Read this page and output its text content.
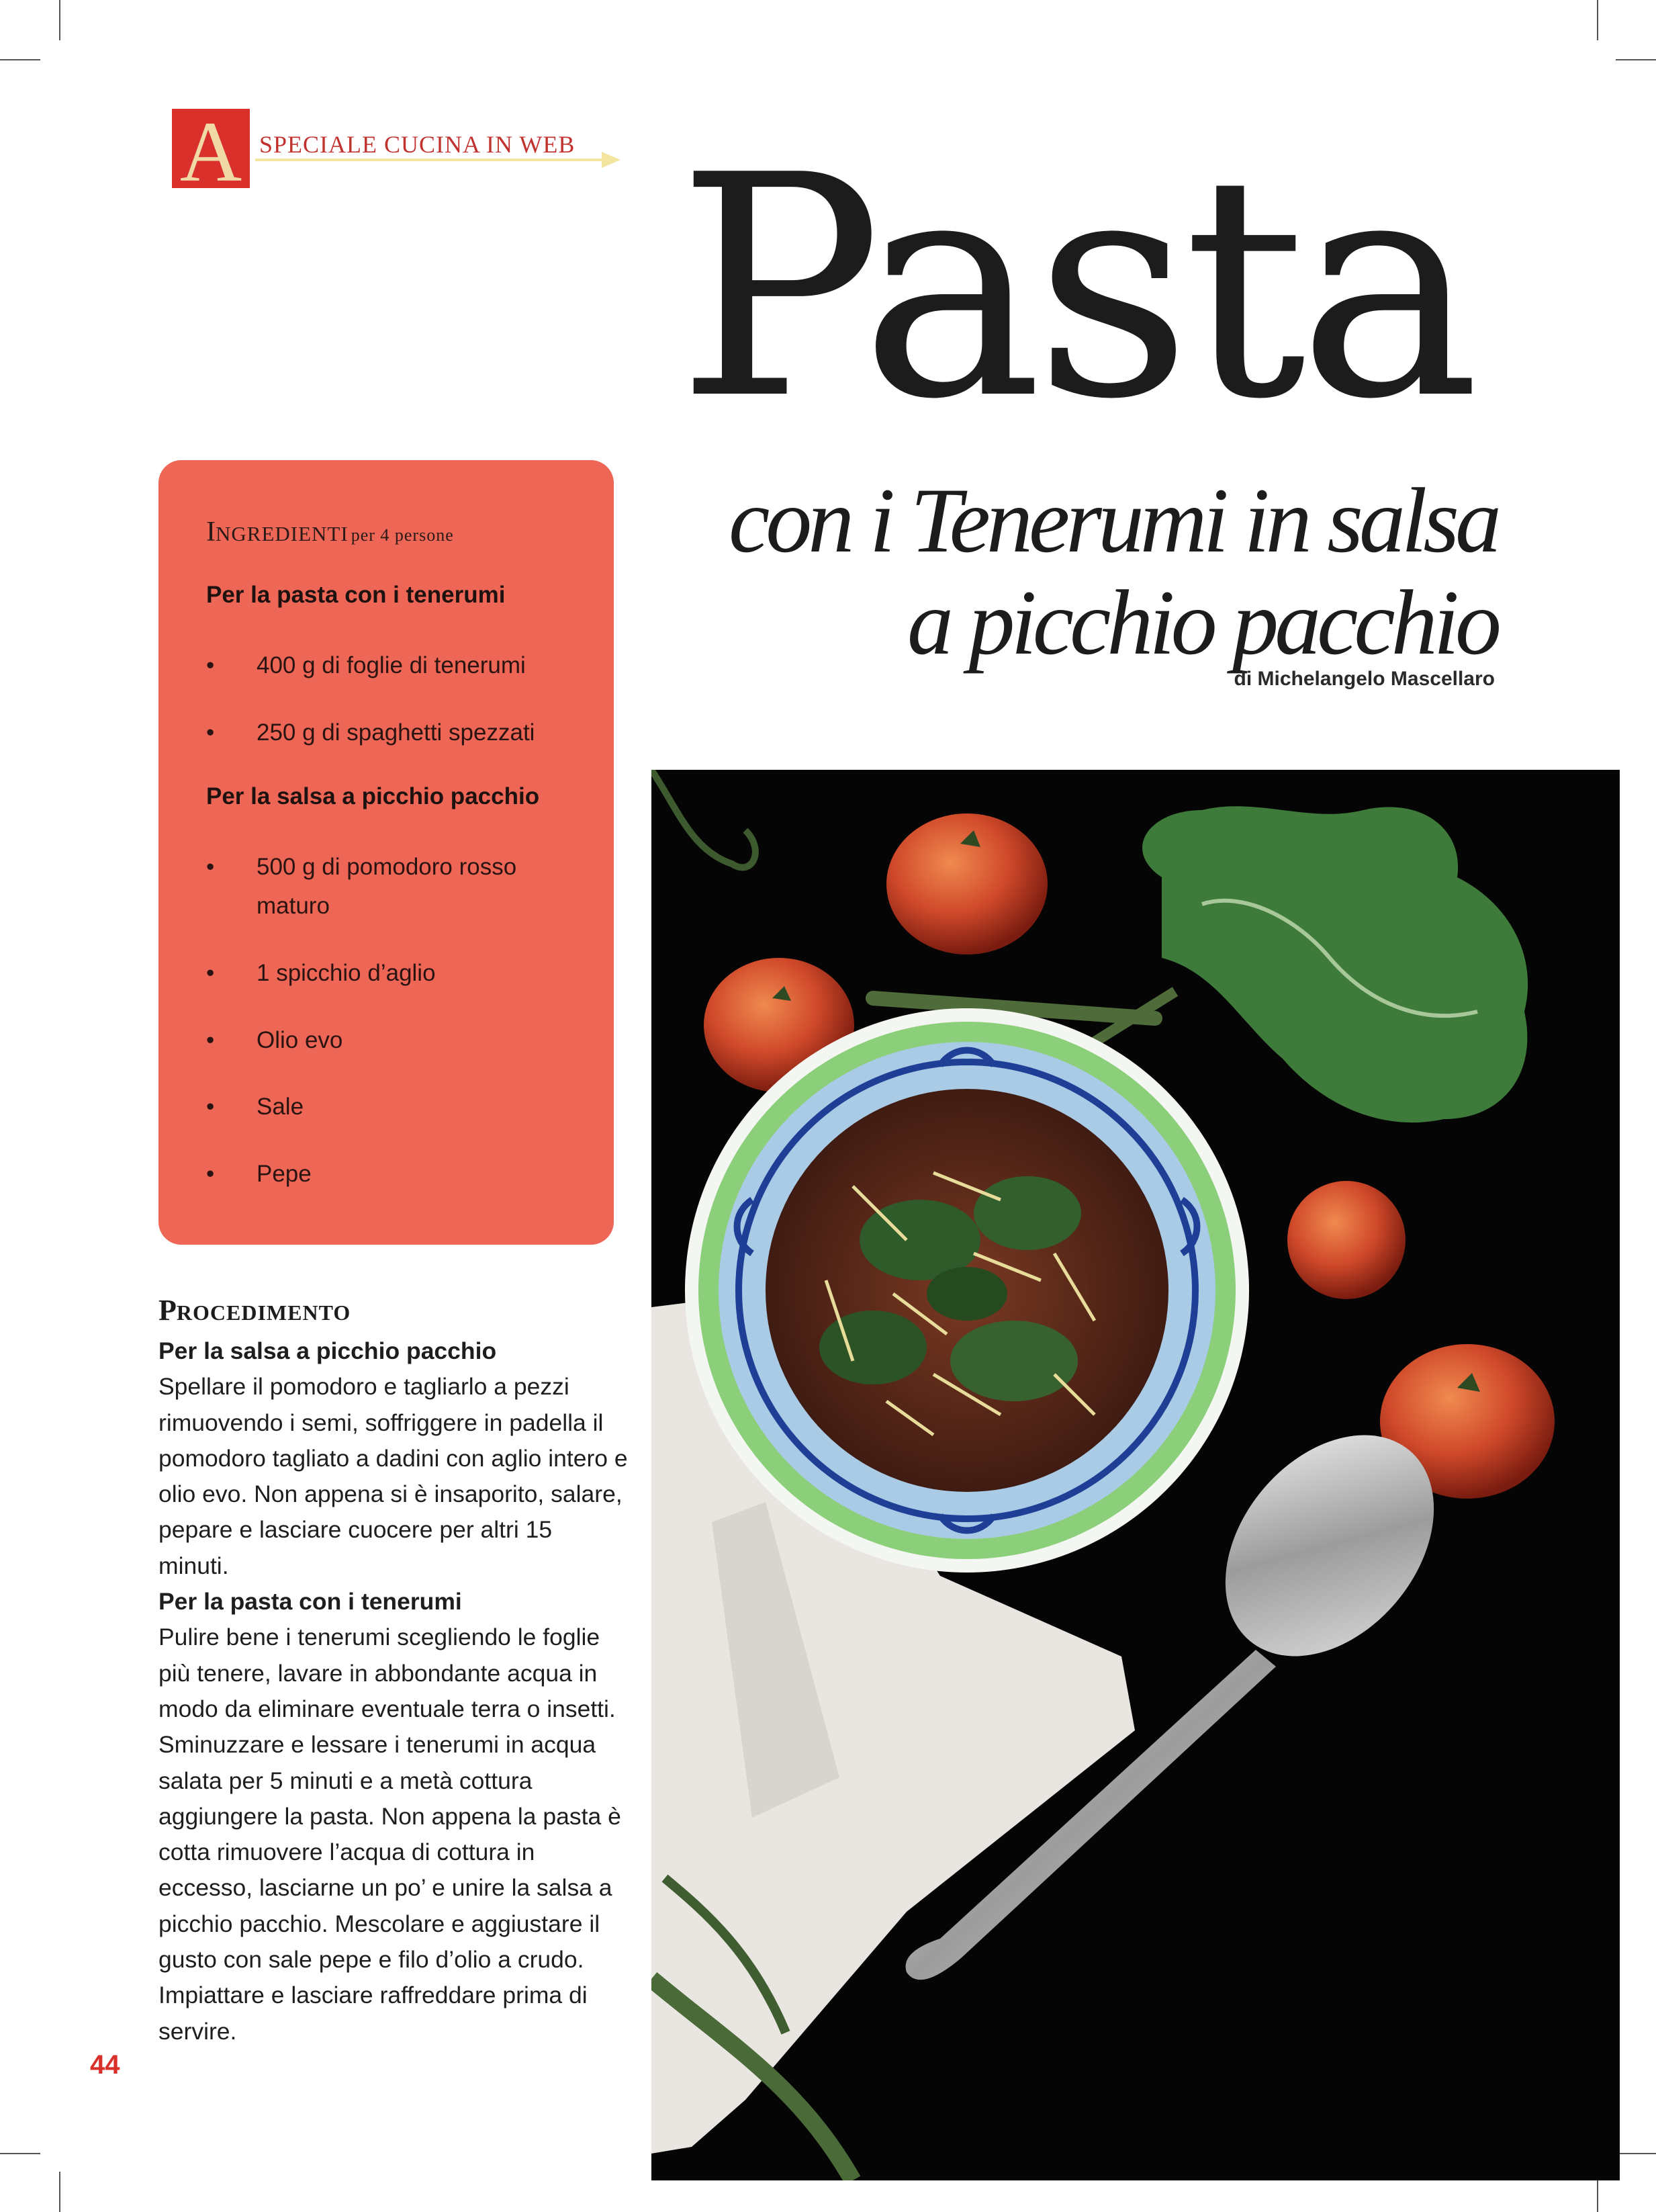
A SPECIALE CUCINA IN WEB Pasta
con i Tenerumi in salsa
a picchio pacchio
di Michelangelo Mascellaro
INGREDIENTI per 4 persone
Per la pasta con i tenerumi
• 400 g di foglie di tenerumi
• 250 g di spaghetti spezzati
Per la salsa a picchio pacchio
• 500 g di pomodoro rosso maturo
• 1 spicchio d’aglio
• Olio evo
• Sale
• Pepe
PROCEDIMENTO
Per la salsa a picchio pacchio
Spellare il pomodoro e tagliarlo a pezzi rimuovendo i semi, soffriggere in padella il pomodoro tagliato a dadini con aglio intero e olio evo. Non appena si è insaporito, salare, pepare e lasciare cuocere per altri 15 minuti.
Per la pasta con i tenerumi
Pulire bene i tenerumi scegliendo le foglie più tenere, lavare in abbondante acqua in modo da eliminare eventuale terra o insetti. Sminuzzare e lessare i tenerumi in acqua salata per 5 minuti e a metà cottura aggiungere la pasta. Non appena la pasta è cotta rimuovere l’acqua di cottura in eccesso, lasciarne un po’ e unire la salsa a picchio pacchio. Mescolare e aggiustare il gusto con sale pepe e filo d’olio a crudo. Impiattare e lasciare raffreddare prima di servire.
44
